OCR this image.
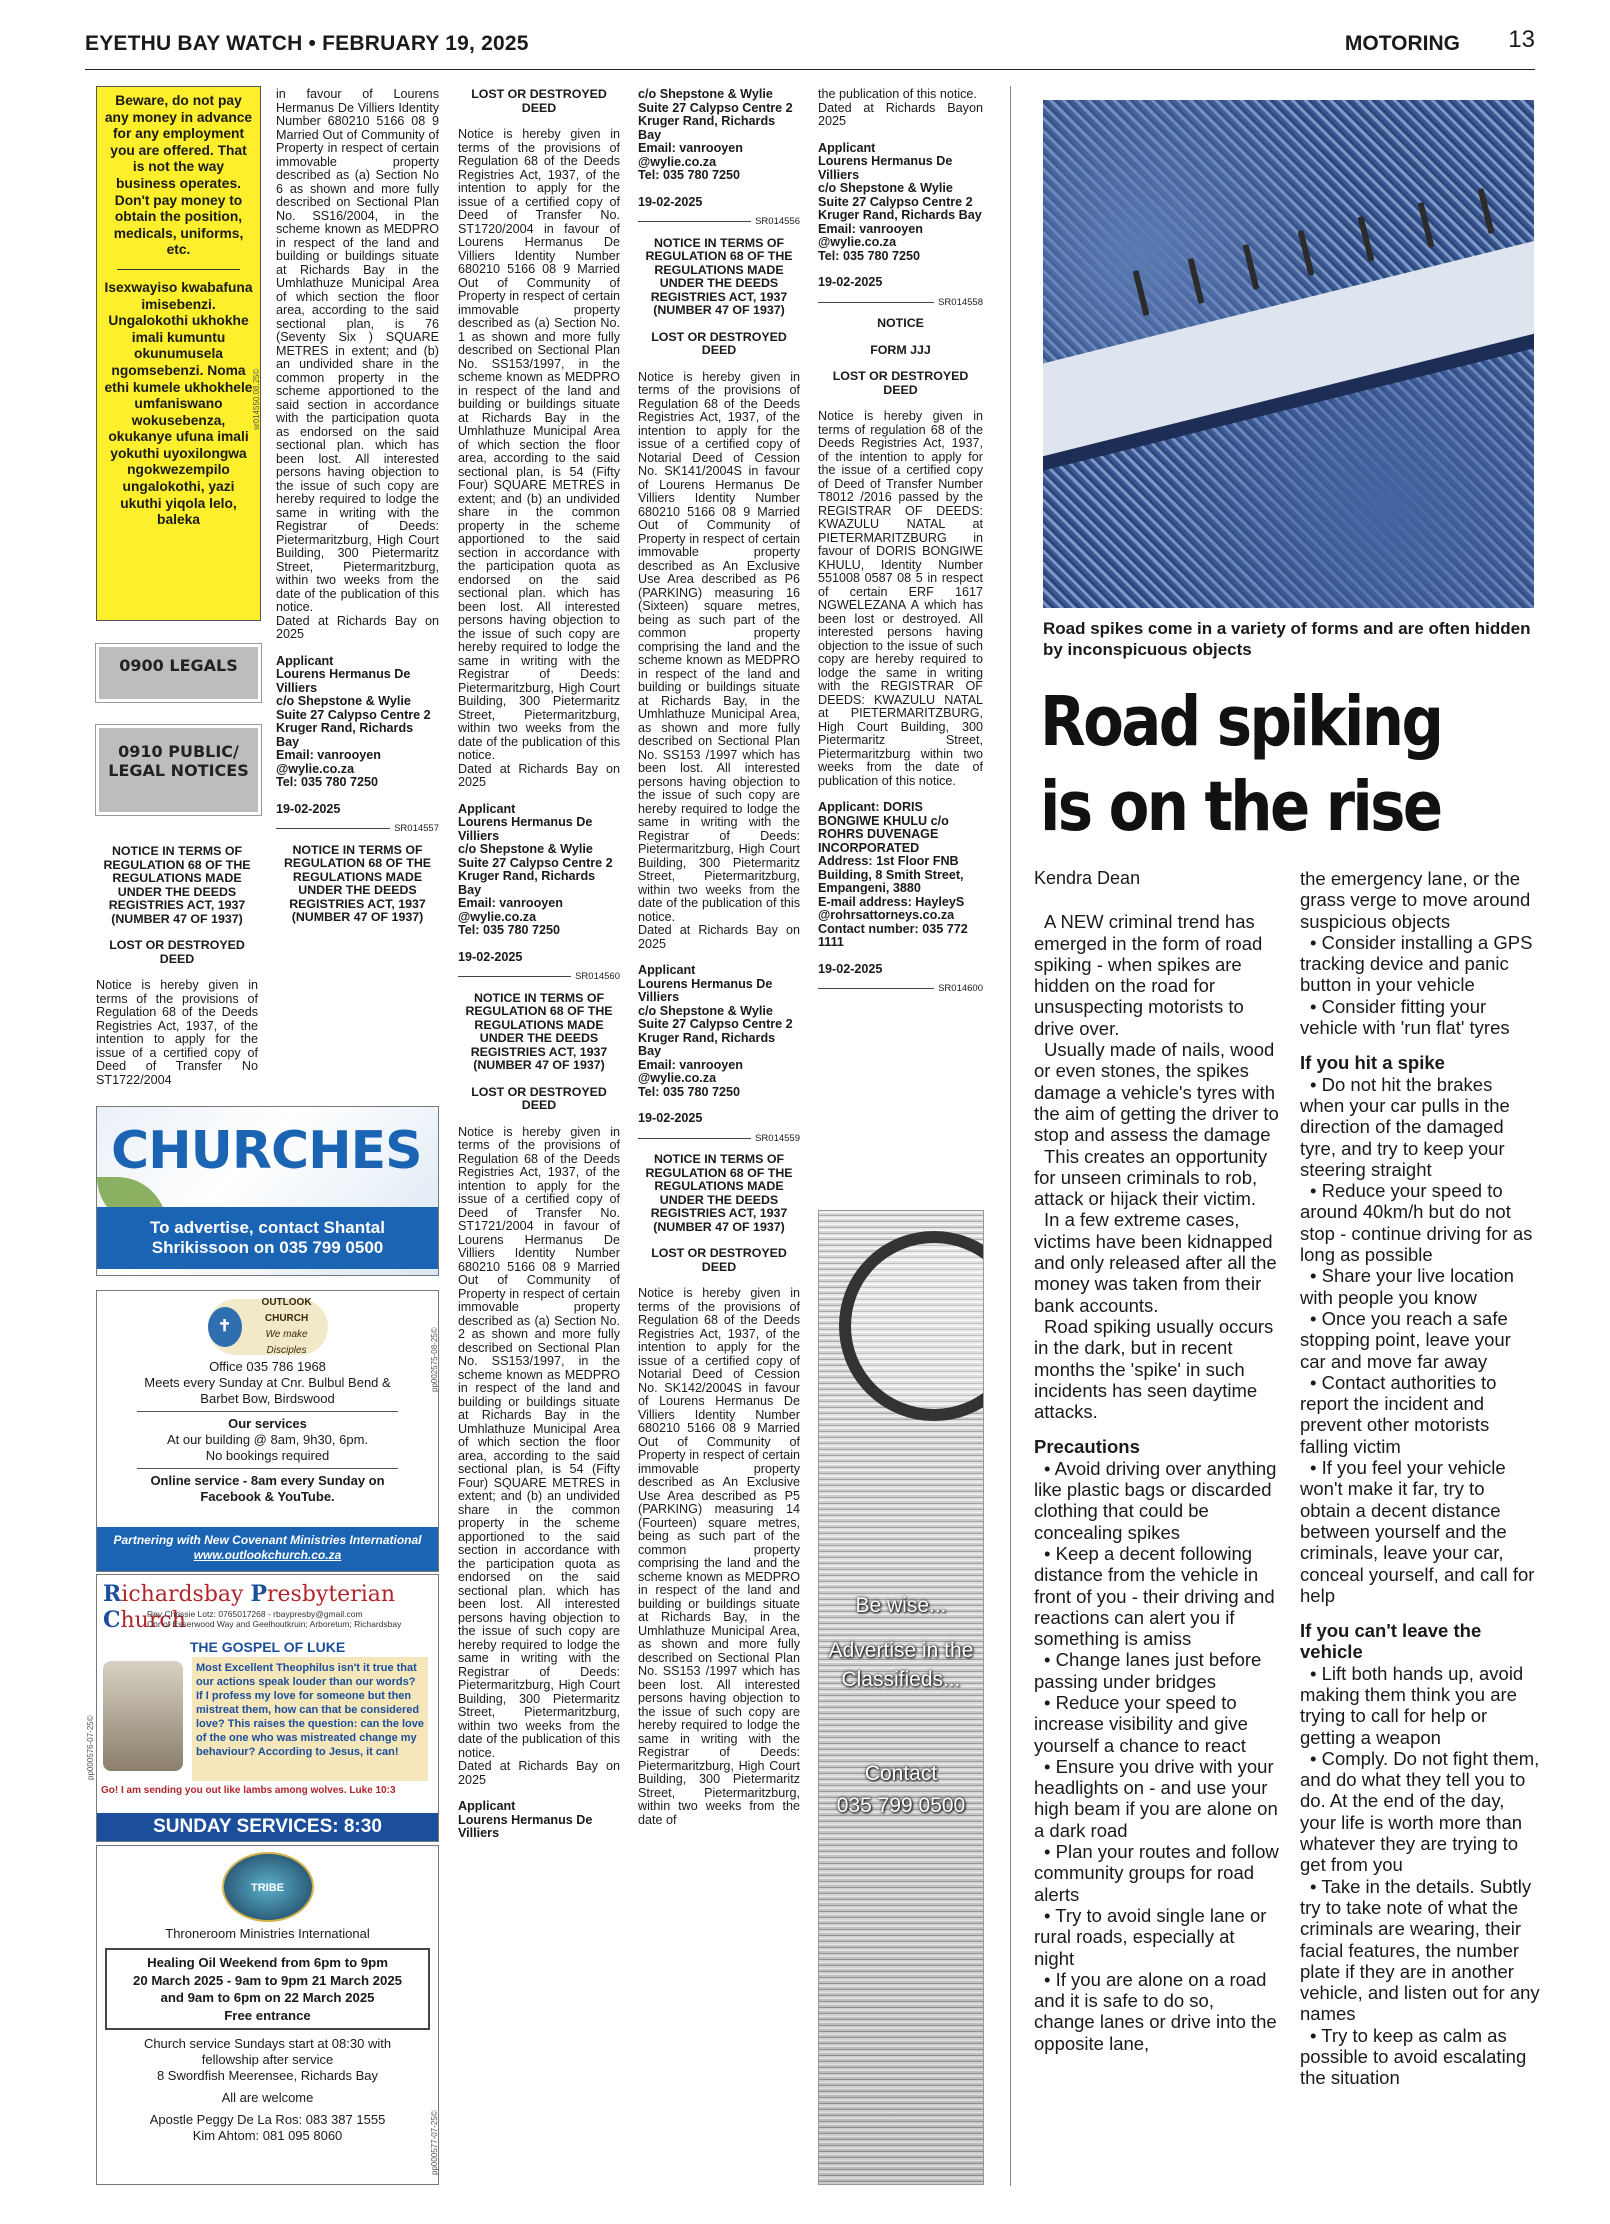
EYETHU BAY WATCH • FEBRUARY 19, 2025	MOTORING 13
Beware, do not pay any money in advance for any employment you are offered. That is not the way business operates. Don't pay money to obtain the position, medicals, uniforms, etc.
Isexwayiso kwabafuna imisebenzi. Ungalokothi ukhokhe imali kumuntu okunumusela ngomsebenzi. Noma ethi kumele ukhokhele umfaniswano wokusebenza, okukanye ufuna imali yokuthi uyoxilongwa ngokwezempilo ungalokothi, yazi ukuthi yiqola lelo, baleka
sr014550.08.25©
0900 LEGALS
0910 PUBLIC/ LEGAL NOTICES
NOTICE IN TERMS OF REGULATION 68 OF THE REGULATIONS MADE UNDER THE DEEDS REGISTRIES ACT, 1937 (NUMBER 47 OF 1937)
LOST OR DESTROYED DEED
Notice is hereby given in terms of the provisions of Regulation 68 of the Deeds Registries Act, 1937, of the intention to apply for the issue of a certified copy of Deed of Transfer No ST1722/2004
in favour of Lourens Hermanus De Villiers Identity Number 680210 5166 08 9 Married Out of Community of Property in respect of certain immovable property described as (a) Section No 6 as shown and more fully described on Sectional Plan No. SS16/2004, in the scheme known as MEDPRO in respect of the land and building or buildings situate at Richards Bay in the Umhlathuze Municipal Area of which section the floor area, according to the said sectional plan, is 76 (Seventy Six ) SQUARE METRES in extent; and (b) an undivided share in the common property in the scheme apportioned to the said section in accordance with the participation quota as endorsed on the said sectional plan. which has been lost. All interested persons having objection to the issue of such copy are hereby required to lodge the same in writing with the Registrar of Deeds: Pietermaritzburg, High Court Building, 300 Pietermaritz Street, Pietermaritzburg, within two weeks from the date of the publication of this notice.
Dated at Richards Bay on 2025
Applicant
Lourens Hermanus De Villiers
c/o Shepstone & Wylie Suite 27 Calypso Centre 2 Kruger Rand, Richards Bay
Email: vanrooyen @wylie.co.za
Tel: 035 780 7250
19-02-2025
SR014557
NOTICE IN TERMS OF REGULATION 68 OF THE REGULATIONS MADE UNDER THE DEEDS REGISTRIES ACT, 1937 (NUMBER 47 OF 1937)
LOST OR DESTROYED DEED
Notice is hereby given in terms of the provisions of Regulation 68 of the Deeds Registries Act, 1937, of the intention to apply for the issue of a certified copy of Deed of Transfer No. ST1720/2004 in favour of Lourens Hermanus De Villiers Identity Number 680210 5166 08 9 Married Out of Community of Property in respect of certain immovable property described as (a) Section No. 1 as shown and more fully described on Sectional Plan No. SS153/1997, in the scheme known as MEDPRO in respect of the land and building or buildings situate at Richards Bay in the Umhlathuze Municipal Area of which section the floor area, according to the said sectional plan, is 54 (Fifty Four) SQUARE METRES in extent; and (b) an undivided share in the common property in the scheme apportioned to the said section in accordance with the participation quota as endorsed on the said sectional plan. which has been lost. All interested persons having objection to the issue of such copy are hereby required to lodge the same in writing with the Registrar of Deeds: Pietermaritzburg, High Court Building, 300 Pietermaritz Street, Pietermaritzburg, within two weeks from the date of the publication of this notice.
Dated at Richards Bay on 2025
Applicant
Lourens Hermanus De Villiers
c/o Shepstone & Wylie Suite 27 Calypso Centre 2 Kruger Rand, Richards Bay
Email: vanrooyen @wylie.co.za
Tel: 035 780 7250
19-02-2025
SR014560
NOTICE IN TERMS OF REGULATION 68 OF THE REGULATIONS MADE UNDER THE DEEDS REGISTRIES ACT, 1937 (NUMBER 47 OF 1937)
LOST OR DESTROYED DEED
Notice is hereby given in terms of the provisions of Regulation 68 of the Deeds Registries Act, 1937, of the intention to apply for the issue of a certified copy of Deed of Transfer No. ST1721/2004 in favour of Lourens Hermanus De Villiers Identity Number 680210 5166 08 9 Married Out of Community of Property in respect of certain immovable property described as (a) Section No. 2 as shown and more fully described on Sectional Plan No. SS153/1997, in the scheme known as MEDPRO in respect of the land and building or buildings situate at Richards Bay in the Umhlathuze Municipal Area of which section the floor area, according to the said sectional plan, is 54 (Fifty Four) SQUARE METRES in extent; and (b) an undivided share in the common property in the scheme apportioned to the said section in accordance with the participation quota as endorsed on the said sectional plan. which has been lost. All interested persons having objection to the issue of such copy are hereby required to lodge the same in writing with the Registrar of Deeds: Pietermaritzburg, High Court Building, 300 Pietermaritz Street, Pietermaritzburg, within two weeks from the date of the publication of this notice.
Dated at Richards Bay on 2025
Applicant
Lourens Hermanus De Villiers
c/o Shepstone & Wylie Suite 27 Calypso Centre 2 Kruger Rand, Richards Bay
Email: vanrooyen @wylie.co.za
Tel: 035 780 7250
19-02-2025
SR014556
NOTICE IN TERMS OF REGULATION 68 OF THE REGULATIONS MADE UNDER THE DEEDS REGISTRIES ACT, 1937 (NUMBER 47 OF 1937)
LOST OR DESTROYED DEED
Notice is hereby given in terms of the provisions of Regulation 68 of the Deeds Registries Act, 1937, of the intention to apply for the issue of a certified copy of Notarial Deed of Cession No. SK141/2004S in favour of Lourens Hermanus De Villiers Identity Number 680210 5166 08 9 Married Out of Community of Property in respect of certain immovable property described as An Exclusive Use Area described as P6 (PARKING) measuring 16 (Sixteen) square metres, being as such part of the common property comprising the land and the scheme known as MEDPRO in respect of the land and building or buildings situate at Richards Bay, in the Umhlathuze Municipal Area, as shown and more fully described on Sectional Plan No. SS153 /1997 which has been lost. All interested persons having objection to the issue of such copy are hereby required to lodge the same in writing with the Registrar of Deeds: Pietermaritzburg, High Court Building, 300 Pietermaritz Street, Pietermaritzburg, within two weeks from the date of the publication of this notice.
Dated at Richards Bay on 2025
Applicant
Lourens Hermanus De Villiers
c/o Shepstone & Wylie Suite 27 Calypso Centre 2 Kruger Rand, Richards Bay
Email: vanrooyen @wylie.co.za
Tel: 035 780 7250
19-02-2025
SR014559
NOTICE IN TERMS OF REGULATION 68 OF THE REGULATIONS MADE UNDER THE DEEDS REGISTRIES ACT, 1937 (NUMBER 47 OF 1937)
LOST OR DESTROYED DEED
Notice is hereby given in terms of the provisions of Regulation 68 of the Deeds Registries Act, 1937, of the intention to apply for the issue of a certified copy of Notarial Deed of Cession No. SK142/2004S in favour of Lourens Hermanus De Villiers Identity Number 680210 5166 08 9 Married Out of Community of Property in respect of certain immovable property described as An Exclusive Use Area described as P5 (PARKING) measuring 14 (Fourteen) square metres, being as such part of the common property comprising the land and the scheme known as MEDPRO in respect of the land and building or buildings situate at Richards Bay, in the Umhlathuze Municipal Area, as shown and more fully described on Sectional Plan No. SS153 /1997 which has been lost. All interested persons having objection to the issue of such copy are hereby required to lodge the same in writing with the Registrar of Deeds: Pietermaritzburg, High Court Building, 300 Pietermaritz Street, Pietermaritzburg, within two weeks from the date of
the publication of this notice.
Dated at Richards Bayon 2025
Applicant
Lourens Hermanus De Villiers
c/o Shepstone & Wylie Suite 27 Calypso Centre 2 Kruger Rand, Richards Bay
Email: vanrooyen @wylie.co.za
Tel: 035 780 7250
19-02-2025
SR014558
NOTICE
FORM JJJ
LOST OR DESTROYED DEED
Notice is hereby given in terms of regulation 68 of the Deeds Registries Act, 1937, of the intention to apply for the issue of a certified copy of Deed of Transfer Number T8012 /2016 passed by the REGISTRAR OF DEEDS: KWAZULU NATAL at PIETERMARITZBURG in favour of DORIS BONGIWE KHULU, Identity Number 551008 0587 08 5 in respect of certain ERF 1617 NGWELEZANA A which has been lost or destroyed. All interested persons having objection to the issue of such copy are hereby required to lodge the same in writing with the REGISTRAR OF DEEDS: KWAZULU NATAL at PIETERMARITZBURG, High Court Building, 300 Pietermaritz Street, Pietermaritzburg within two weeks from the date of publication of this notice.
Applicant: DORIS BONGIWE KHULU c/o ROHRS DUVENAGE INCORPORATED
Address: 1st Floor FNB Building, 8 Smith Street, Empangeni, 3880
E-mail address: HayleyS @rohrsattorneys.co.za
Contact number: 035 772 1111
19-02-2025
SR014600
CHURCHES
To advertise, contact Shantal
Shrikissoon on 035 799 0500
✝
OUTLOOK CHURCH
We make Disciples
Office 035 786 1968
Meets every Sunday at Cnr. Bulbul Bend &
Barbet Bow, Birdswood
Our services
At our building @ 8am, 9h30, 6pm.
No bookings required
Online service - 8am every Sunday on
Facebook & YouTube.
Partnering with New Covenant Ministries International
www.outlookchurch.co.za
pp002575-08-25©
Richardsbay Presbyterian Church
Rev Chrissie Lotz: 0765017268 - rbaypresby@gmail.com
Cnr of Esserwood Way and Geelhoutkruin; Arboretum; Richardsbay
THE GOSPEL OF LUKE
Most Excellent Theophilus isn't it true that our actions speak louder than our words? If I profess my love for someone but then mistreat them, how can that be considered love? This raises the question: can the love of the one who was mistreated change my behaviour? According to Jesus, it can!
Go! I am sending you out like lambs among wolves. Luke 10:3
SUNDAY SERVICES: 8:30
pp000576-07-25©
TRIBE
Throneroom Ministries International
Healing Oil Weekend from 6pm to 9pm
20 March 2025 - 9am to 9pm 21 March 2025
and 9am to 6pm on 22 March 2025
Free entrance
Church service Sundays start at 08:30 with
fellowship after service
8 Swordfish Meerensee, Richards Bay
All are welcome
Apostle Peggy De La Ros: 083 387 1555
Kim Ahtom: 081 095 8060	pp000577-07-25©
Be wise...
Advertise in the
Classifieds...
Contact
035 799 0500
Road spikes come in a variety of forms and are often hidden by inconspicuous objects
Road spiking
is on the rise
Kendra Dean
A NEW criminal trend has emerged in the form of road spiking - when spikes are hidden on the road for unsuspecting motorists to drive over.
Usually made of nails, wood or even stones, the spikes damage a vehicle's tyres with the aim of getting the driver to stop and assess the damage
This creates an opportunity for unseen criminals to rob, attack or hijack their victim.
In a few extreme cases, victims have been kidnapped and only released after all the money was taken from their bank accounts.
Road spiking usually occurs in the dark, but in recent months the 'spike' in such incidents has seen daytime attacks.
Precautions
• Avoid driving over anything like plastic bags or discarded clothing that could be concealing spikes
• Keep a decent following distance from the vehicle in front of you - their driving and reactions can alert you if something is amiss
• Change lanes just before passing under bridges
• Reduce your speed to increase visibility and give yourself a chance to react
• Ensure you drive with your headlights on - and use your high beam if you are alone on a dark road
• Plan your routes and follow community groups for road alerts
• Try to avoid single lane or rural roads, especially at night
• If you are alone on a road and it is safe to do so, change lanes or drive into the opposite lane,
the emergency lane, or the grass verge to move around suspicious objects
• Consider installing a GPS tracking device and panic button in your vehicle
• Consider fitting your vehicle with 'run flat' tyres
If you hit a spike
• Do not hit the brakes when your car pulls in the direction of the damaged tyre, and try to keep your steering straight
• Reduce your speed to around 40km/h but do not stop - continue driving for as long as possible
• Share your live location with people you know
• Once you reach a safe stopping point, leave your car and move far away
• Contact authorities to report the incident and prevent other motorists falling victim
• If you feel your vehicle won't make it far, try to obtain a decent distance between yourself and the criminals, leave your car, conceal yourself, and call for help
If you can't leave the vehicle
• Lift both hands up, avoid making them think you are trying to call for help or getting a weapon
• Comply. Do not fight them, and do what they tell you to do. At the end of the day, your life is worth more than whatever they are trying to get from you
• Take in the details. Subtly try to take note of what the criminals are wearing, their facial features, the number plate if they are in another vehicle, and listen out for any names
• Try to keep as calm as possible to avoid escalating the situation
